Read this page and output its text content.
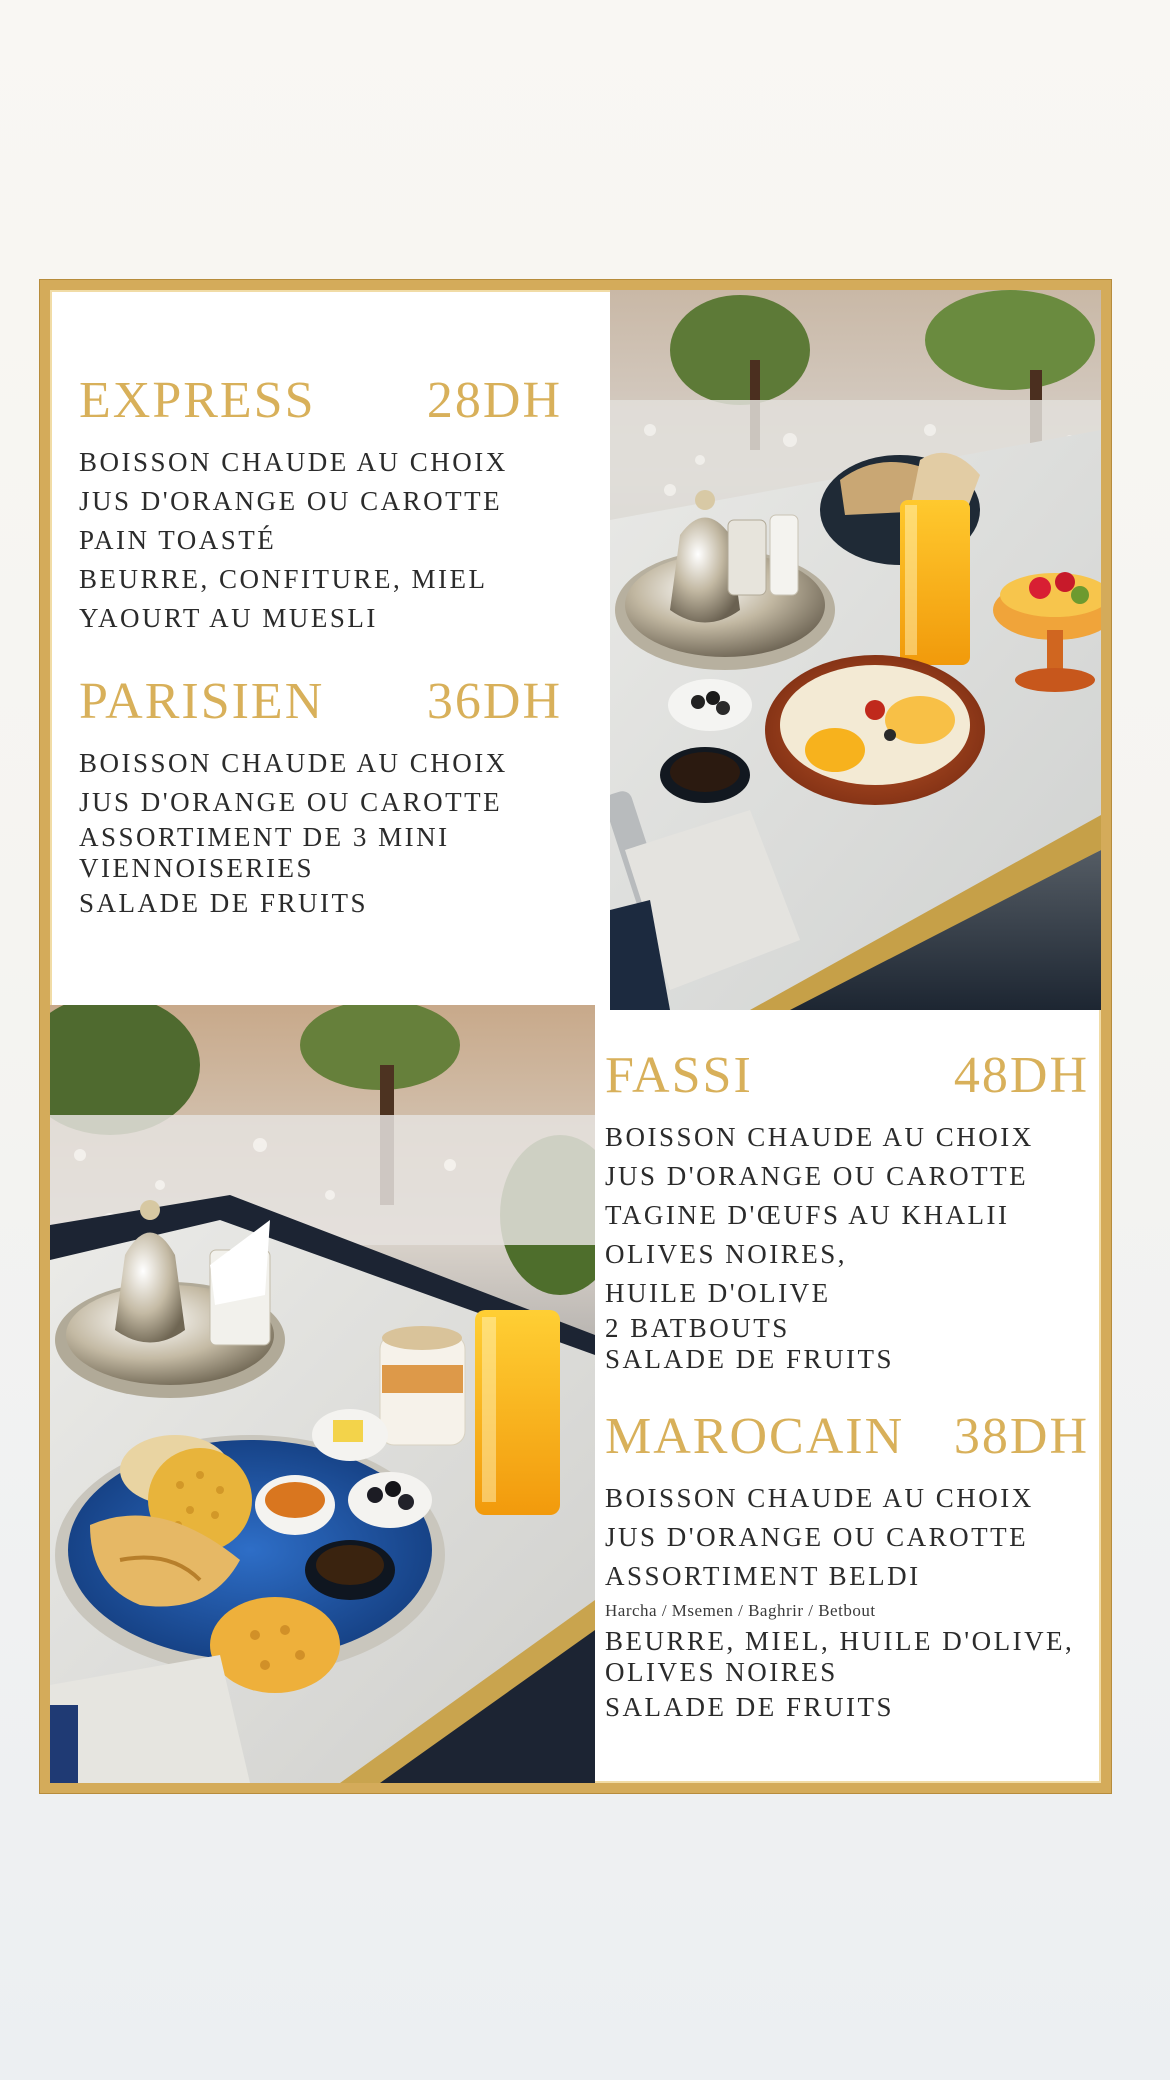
EXPRESS 28DH
BOISSON CHAUDE AU CHOIX
JUS D'ORANGE OU CAROTTE
PAIN TOASTÉ
BEURRE, CONFITURE, MIEL
YAOURT AU MUESLI
PARISIEN 36DH
BOISSON CHAUDE AU CHOIX
JUS D'ORANGE OU CAROTTE
ASSORTIMENT DE 3 MINI
VIENNOISERIES
SALADE DE FRUITS
FASSI	48DH
BOISSON CHAUDE AU CHOIX
JUS D'ORANGE OU CAROTTE
TAGINE D'ŒUFS AU KHALII
OLIVES NOIRES,
HUILE D'OLIVE
2 BATBOUTS
SALADE DE FRUITS
MAROCAIN 38DH
BOISSON CHAUDE AU CHOIX
JUS D'ORANGE OU CAROTTE
ASSORTIMENT BELDI
Harcha / Msemen / Baghrir / Betbout
BEURRE, MIEL, HUILE D'OLIVE,
OLIVES NOIRES
SALADE DE FRUITS
